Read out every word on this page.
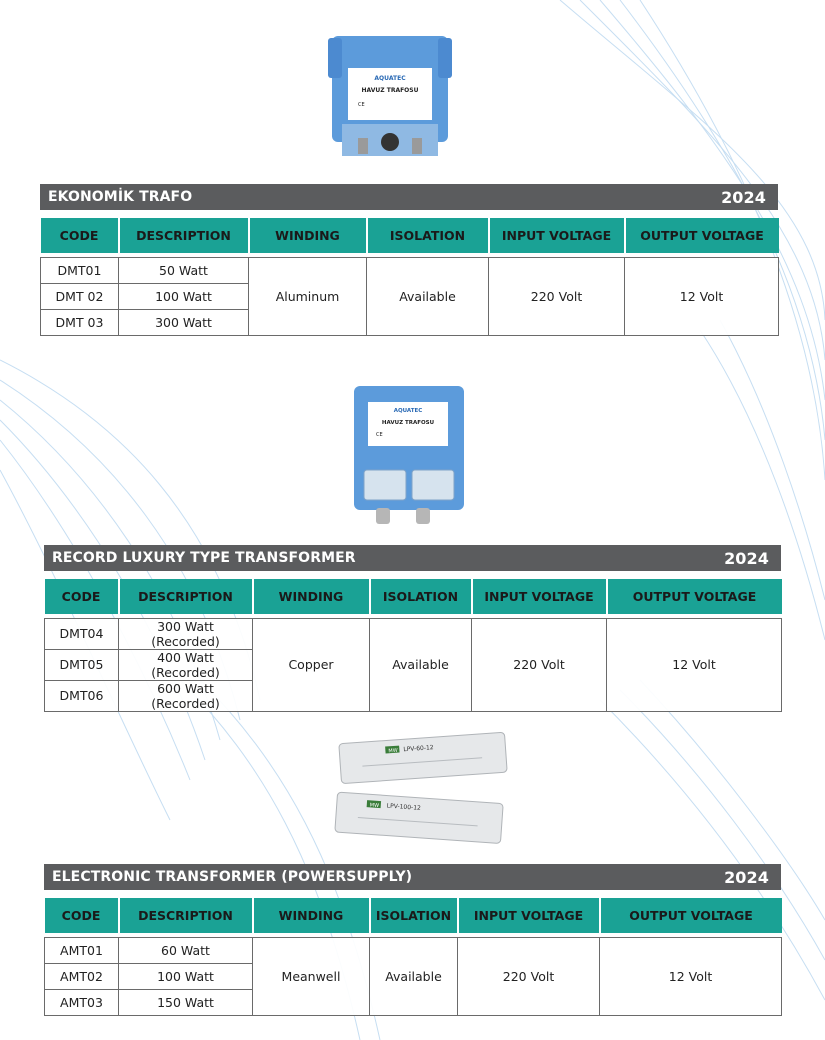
AQUATEC
HAVUZ TRAFOSU
CE
EKONOMİK TRAFO	2024
CODE	DESCRIPTION	WINDING	ISOLATION	INPUT VOLTAGE	OUTPUT VOLTAGE

DMT01	50 Watt	Aluminum	Available	220 Volt	12 Volt
DMT 02	100 Watt				
DMT 03	300 Watt				
AQUATEC
HAVUZ TRAFOSU
CE
RECORD LUXURY TYPE TRANSFORMER	2024
CODE	DESCRIPTION	WINDING	ISOLATION	INPUT VOLTAGE	OUTPUT VOLTAGE

DMT04	300 Watt (Recorded)	Copper	Available	220 Volt	12 Volt
DMT05	400 Watt (Recorded)				
DMT06	600 Watt (Recorded)				
MW LPV-60-12
MW LPV-100-12
ELECTRONIC TRANSFORMER (POWERSUPPLY)	2024
CODE	DESCRIPTION	WINDING	ISOLATION	INPUT VOLTAGE	OUTPUT VOLTAGE

AMT01	60 Watt	Meanwell	Available	220 Volt	12 Volt
AMT02	100 Watt				
AMT03	150 Watt				
